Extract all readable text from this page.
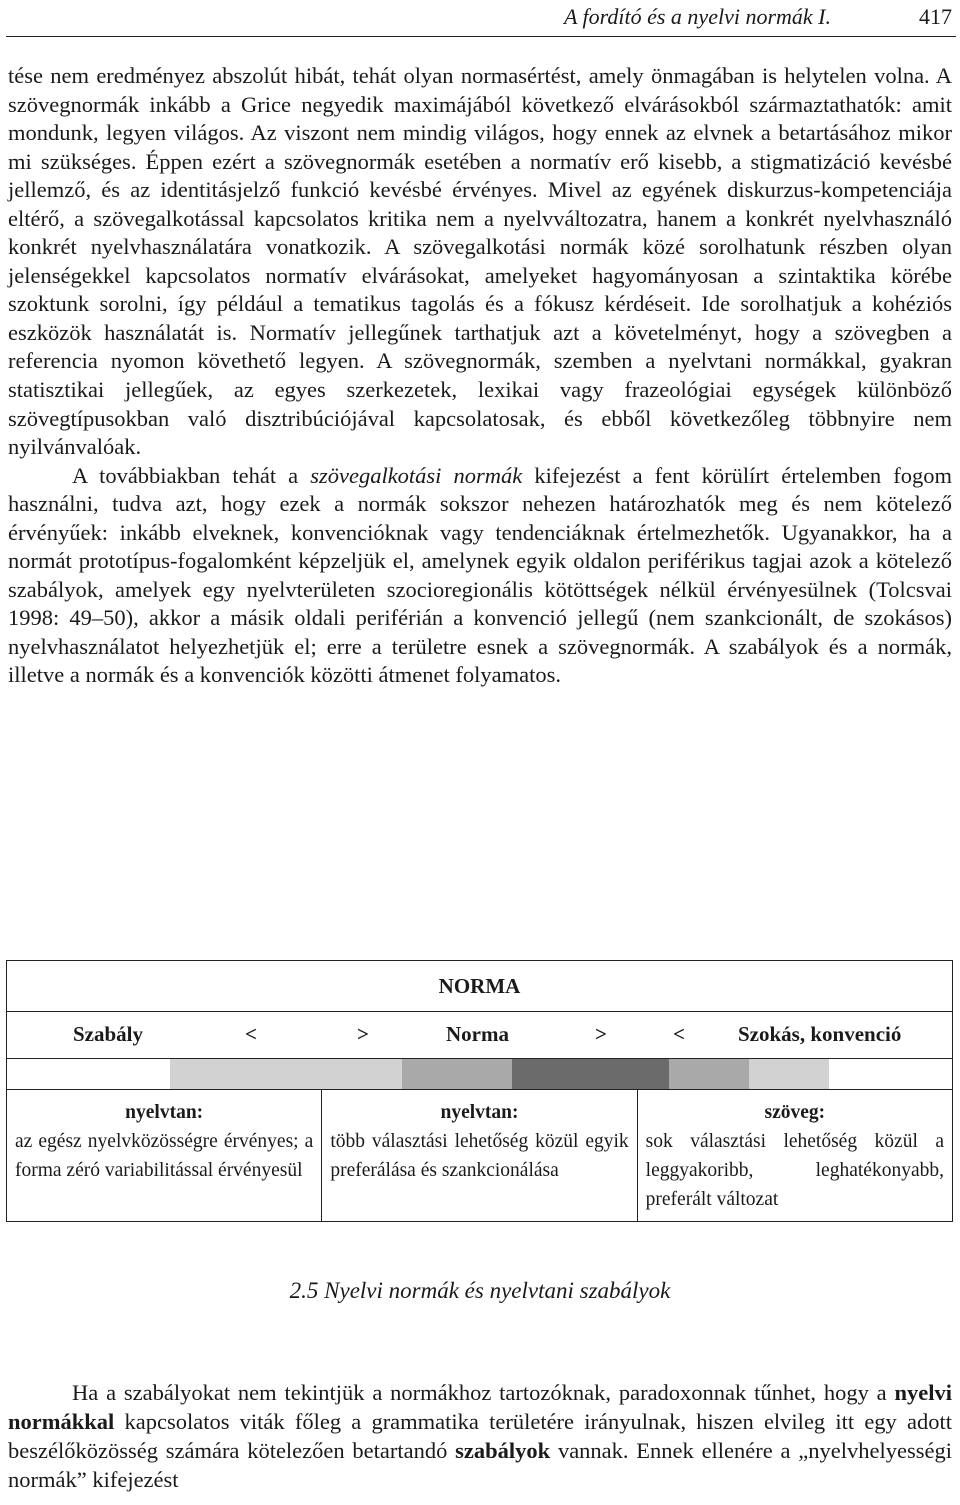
A fordító és a nyelvi normák I.	417

tése nem eredményez abszolút hibát, tehát olyan normasértést, amely önmagában is helytelen volna. A szövegnormák inkább a Grice negyedik maximájából következő elvárásokból származtathatók: amit mondunk, legyen világos. Az viszont nem mindig világos, hogy ennek az elvnek a betartásához mikor mi szükséges. Éppen ezért a szövegnormák esetében a normatív erő kisebb, a stigmatizáció kevésbé jellemző, és az identitásjelző funkció kevésbé érvényes. Mivel az egyének diskurzus-kompetenciája eltérő, a szövegalkotással kapcsolatos kritika nem a nyelvváltozatra, hanem a konkrét nyelvhasználó konkrét nyelvhasználatára vonatkozik. A szövegalkotási normák közé sorolhatunk részben olyan jelenségekkel kapcsolatos normatív elvárásokat, amelyeket hagyományosan a szintaktika körébe szoktunk sorolni, így például a tematikus tagolás és a fókusz kérdéseit. Ide sorolhatjuk a kohéziós eszközök használatát is. Normatív jellegűnek tarthatjuk azt a követelményt, hogy a szövegben a referencia nyomon követhető legyen. A szövegnormák, szemben a nyelvtani normákkal, gyakran statisztikai jellegűek, az egyes szerkezetek, lexikai vagy frazeológiai egységek különböző szövegtípusokban való disztribúciójával kapcsolatosak, és ebből következőleg többnyire nem nyilvánvalóak.

A továbbiakban tehát a szövegalkotási normák kifejezést a fent körülírt értelemben fogom használni, tudva azt, hogy ezek a normák sokszor nehezen határozhatók meg és nem kötelező érvényűek: inkább elveknek, konvencióknak vagy tendenciáknak értelmezhetők. Ugyanakkor, ha a normát prototípus-fogalomként képzeljük el, amelynek egyik oldalon periférikus tagjai azok a kötelező szabályok, amelyek egy nyelvterületen szocioregionális kötöttségek nélkül érvényesülnek (Tolcsvai 1998: 49–50), akkor a másik oldali periférián a konvenció jellegű (nem szankcionált, de szokásos) nyelvhasználatot helyezhetjük el; erre a területre esnek a szövegnormák. A szabályok és a normák, illetve a normák és a konvenciók közötti átmenet folyamatos.

NORMA
Szabály	<	>	Norma	>	<	Szokás, konvenció
nyelvtan:
az egész nyelvközösségre érvényes; a forma zéró variabilitással érvényesül
nyelvtan:
több választási lehetőség közül egyik preferálása és szankcionálása
szöveg:
sok választási lehetőség közül a leggyakoribb, leghatékonyabb, preferált változat
2.5 Nyelvi normák és nyelvtani szabályok

Ha a szabályokat nem tekintjük a normákhoz tartozóknak, paradoxonnak tűnhet, hogy a nyelvi normákkal kapcsolatos viták főleg a grammatika területére irányulnak, hiszen elvileg itt egy adott beszélőközösség számára kötelezően betartandó szabályok vannak. Ennek ellenére a „nyelvhelyességi normák” kifejezést
